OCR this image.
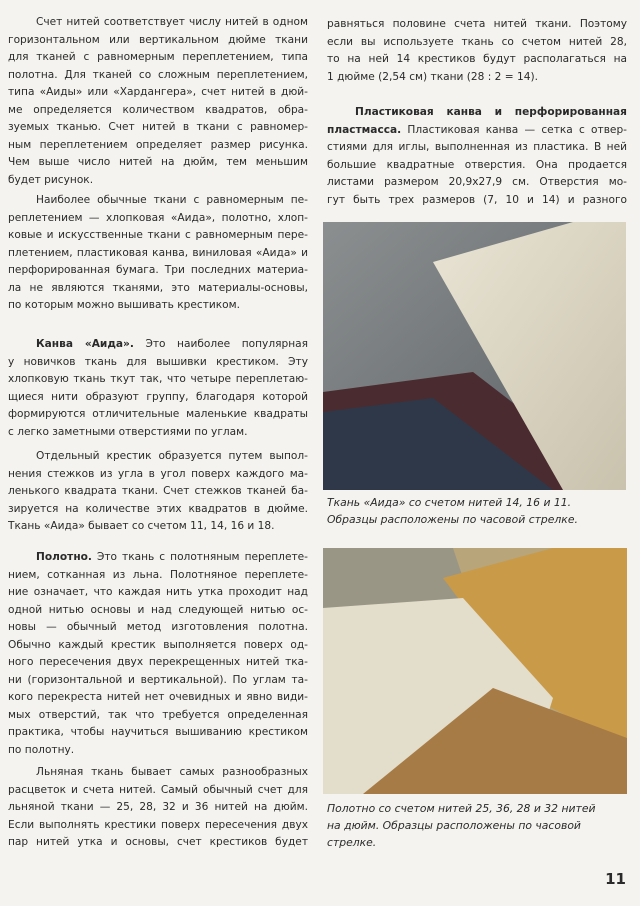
Счет нитей соответствует числу нитей в одном
горизонтальном или вертикальном дюйме ткани
для тканей с равномерным переплетением, типа
полотна. Для тканей со сложным переплетением,
типа «Аиды» или «Хардангера», счет нитей в дюй-
ме определяется количеством квадратов, обра-
зуемых тканью. Счет нитей в ткани с равномер-
ным переплетением определяет размер рисунка.
Чем выше число нитей на дюйм, тем меньшим
будет рисунок.
Наиболее обычные ткани с равномерным пе-
реплетением — хлопковая «Аида», полотно, хлоп-
ковые и искусственные ткани с равномерным пере-
плетением, пластиковая канва, виниловая «Аида» и
перфорированная бумага. Три последних материа-
ла не являются тканями, это материалы-основы,
по которым можно вышивать крестиком.
Канва «Аида». Это наиболее популярная
у новичков ткань для вышивки крестиком. Эту
хлопковую ткань ткут так, что четыре переплетаю-
щиеся нити образуют группу, благодаря которой
формируются отличительные маленькие квадраты
с легко заметными отверстиями по углам.
Отдельный крестик образуется путем выпол-
нения стежков из угла в угол поверх каждого ма-
ленького квадрата ткани. Счет стежков тканей ба-
зируется на количестве этих квадратов в дюйме.
Ткань «Аида» бывает со счетом 11, 14, 16 и 18.
Полотно. Это ткань с полотняным переплете-
нием, сотканная из льна. Полотняное переплете-
ние означает, что каждая нить утка проходит над
одной нитью основы и над следующей нитью ос-
новы — обычный метод изготовления полотна.
Обычно каждый крестик выполняется поверх од-
ного пересечения двух перекрещенных нитей тка-
ни (горизонтальной и вертикальной). По углам та-
кого перекреста нитей нет очевидных и явно види-
мых отверстий, так что требуется определенная
практика, чтобы научиться вышиванию крестиком
по полотну.
Льняная ткань бывает самых разнообразных
расцветок и счета нитей. Самый обычный счет для
льняной ткани — 25, 28, 32 и 36 нитей на дюйм.
Если выполнять крестики поверх пересечения двух
пар нитей утка и основы, счет крестиков будет
равняться половине счета нитей ткани. Поэтому
если вы используете ткань со счетом нитей 28,
то на ней 14 крестиков будут располагаться на
1 дюйме (2,54 см) ткани (28 : 2 = 14).
Пластиковая канва и перфорированная
пластмасса. Пластиковая канва — сетка с отвер-
стиями для иглы, выполненная из пластика. В ней
большие квадратные отверстия. Она продается
листами размером 20,9x27,9 см. Отверстия мо-
гут быть трех размеров (7, 10 и 14) и разного
Ткань «Аида» со счетом нитей 14, 16 и 11.
Образцы расположены по часовой стрелке.
Полотно со счетом нитей 25, 36, 28 и 32 нитей
на дюйм. Образцы расположены по часовой
стрелке.
11
